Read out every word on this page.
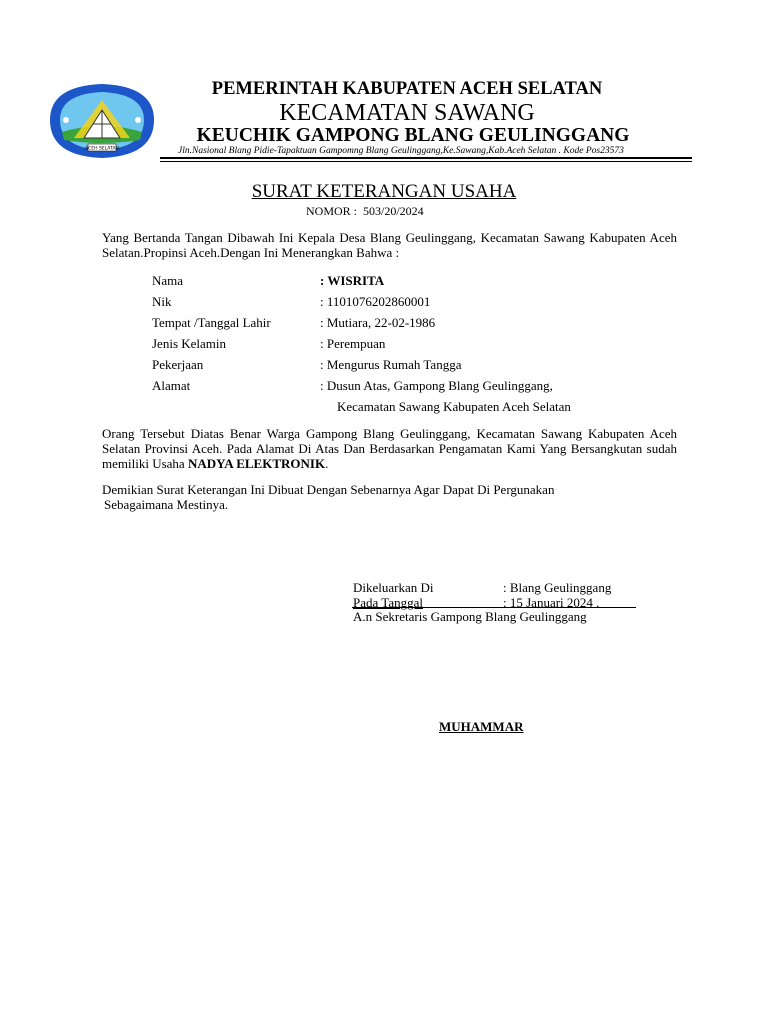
ACEH SELATAN
PEMERINTAH KABUPATEN ACEH SELATAN
KECAMATAN SAWANG
KEUCHIK GAMPONG BLANG GEULINGGANG
Jln.Nasional Blang Pidie-Tapaktuan Gampomng Blang Geulinggang,Ke.Sawang,Kab.Aceh Selatan . Kode Pos23573
SURAT KETERANGAN USAHA
NOMOR :  503/20/2024
Yang Bertanda Tangan Dibawah Ini Kepala Desa Blang Geulinggang, Kecamatan Sawang Kabupaten Aceh Selatan.Propinsi Aceh.Dengan Ini Menerangkan Bahwa :
Nama	: WISRITA
Nik	: 1101076202860001
Tempat /Tanggal Lahir	: Mutiara, 22-02-1986
Jenis Kelamin	: Perempuan
Pekerjaan	: Mengurus Rumah Tangga
Alamat	: Dusun Atas, Gampong Blang Geulinggang,
Kecamatan Sawang Kabupaten Aceh Selatan
Orang Tersebut Diatas Benar Warga Gampong Blang Geulinggang, Kecamatan Sawang Kabupaten Aceh Selatan Provinsi Aceh. Pada Alamat Di Atas Dan Berdasarkan Pengamatan Kami Yang Bersangkutan sudah memiliki Usaha NADYA ELEKTRONIK.
Demikian Surat Keterangan Ini Dibuat Dengan Sebenarnya Agar Dapat Di Pergunakan
Sebagaimana Mestinya.
Dikeluarkan Di	: Blang Geulinggang
Pada Tanggal	: 15 Januari 2024 .
A.n Sekretaris Gampong Blang Geulinggang
MUHAMMAR
